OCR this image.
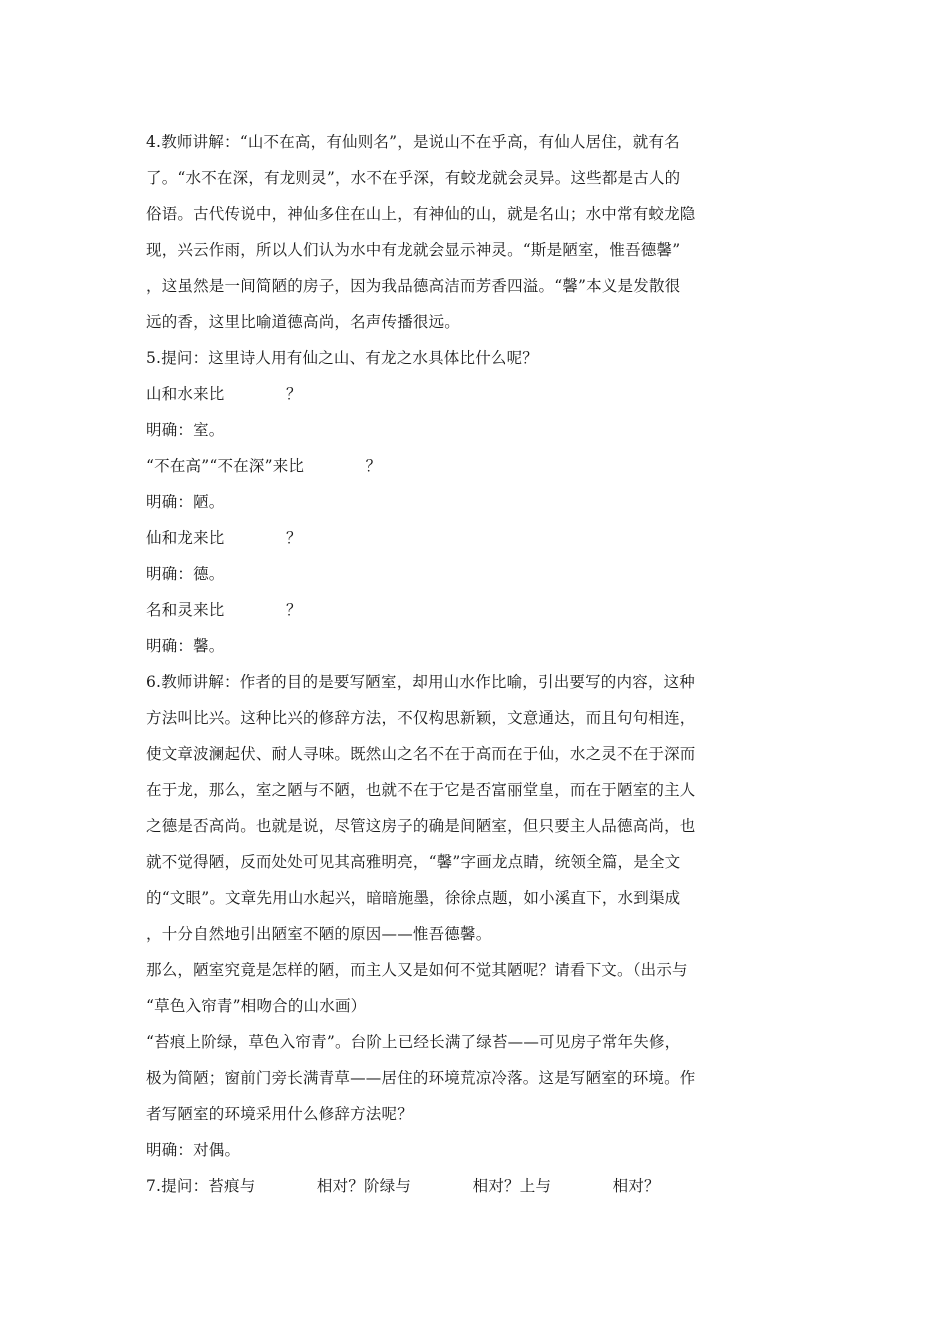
4.教师讲解：“山不在高，有仙则名”，是说山不在乎高，有仙人居住，就有名
了。“水不在深，有龙则灵”，水不在乎深，有蛟龙就会灵异。这些都是古人的
俗语。古代传说中，神仙多住在山上，有神仙的山，就是名山；水中常有蛟龙隐
现，兴云作雨，所以人们认为水中有龙就会显示神灵。“斯是陋室，惟吾德馨”
，这虽然是一间简陋的房子，因为我品德高洁而芳香四溢。“馨”本义是发散很
远的香，这里比喻道德高尚，名声传播很远。
5.提问：这里诗人用有仙之山、有龙之水具体比什么呢？
山和水来比            ？
明确：室。
“不在高”“不在深”来比            ？
明确：陋。
仙和龙来比            ？
明确：德。
名和灵来比            ？
明确：馨。
6.教师讲解：作者的目的是要写陋室，却用山水作比喻，引出要写的内容，这种
方法叫比兴。这种比兴的修辞方法，不仅构思新颖，文意通达，而且句句相连，
使文章波澜起伏、耐人寻味。既然山之名不在于高而在于仙，水之灵不在于深而
在于龙，那么，室之陋与不陋，也就不在于它是否富丽堂皇，而在于陋室的主人
之德是否高尚。也就是说，尽管这房子的确是间陋室，但只要主人品德高尚，也
就不觉得陋，反而处处可见其高雅明亮，“馨”字画龙点睛，统领全篇，是全文
的“文眼”。文章先用山水起兴，暗暗施墨，徐徐点题，如小溪直下，水到渠成
，十分自然地引出陋室不陋的原因——惟吾德馨。
那么，陋室究竟是怎样的陋，而主人又是如何不觉其陋呢？请看下文。（出示与
“草色入帘青”相吻合的山水画）
“苔痕上阶绿，草色入帘青”。台阶上已经长满了绿苔——可见房子常年失修，
极为简陋；窗前门旁长满青草——居住的环境荒凉冷落。这是写陋室的环境。作
者写陋室的环境采用什么修辞方法呢？
明确：对偶。
7.提问：苔痕与            相对？阶绿与            相对？上与            相对？
